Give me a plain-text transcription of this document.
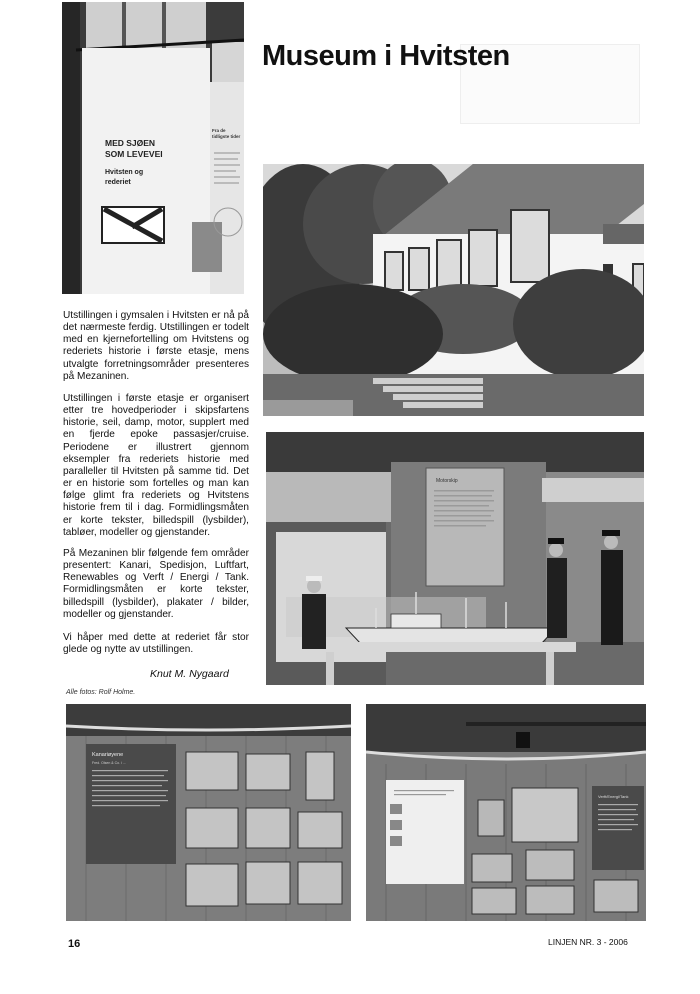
Museum i Hvitsten
MED SJØEN
SOM LEVEVEI
Hvitsten og
rederiet
Fra de
tidligste tider
Motorskip
Kanariøyene
Fred. Olsen & Co. i ...
Verft/Energi/Tank

Utstillingen i gymsalen i Hvitsten er nå på det nærmeste ferdig. Utstillingen er todelt med en kjernefortelling om Hvitstens og rederiets historie i første etasje, mens utvalgte forretningsområder presenteres på Mezaninen.

Utstillingen i første etasje er organisert etter tre hovedperioder i skipsfartens historie, seil, damp, motor, supplert med en fjerde epoke passasjer/cruise. Periodene er illustrert gjennom eksempler fra rederiets historie med paralleller til Hvitsten på samme tid. Det er en historie som fortelles og man kan følge glimt fra rederiets og Hvitstens historie frem til i dag. Formidlingsmåten er korte tekster, billedspill (lysbilder), tabløer, modeller og gjenstander.

På Mezaninen blir følgende fem områder presentert: Kanari, Spedisjon, Luftfart, Renewables og Verft / Energi / Tank. Formidlingsmåten er korte tekster, billedspill (lysbilder), plakater / bilder, modeller og gjenstander.

Vi håper med dette at rederiet får stor glede og nytte av utstillingen.

Knut M. Nygaard
Alle fotos: Rolf Holme.
16	LINJEN NR. 3 - 2006
